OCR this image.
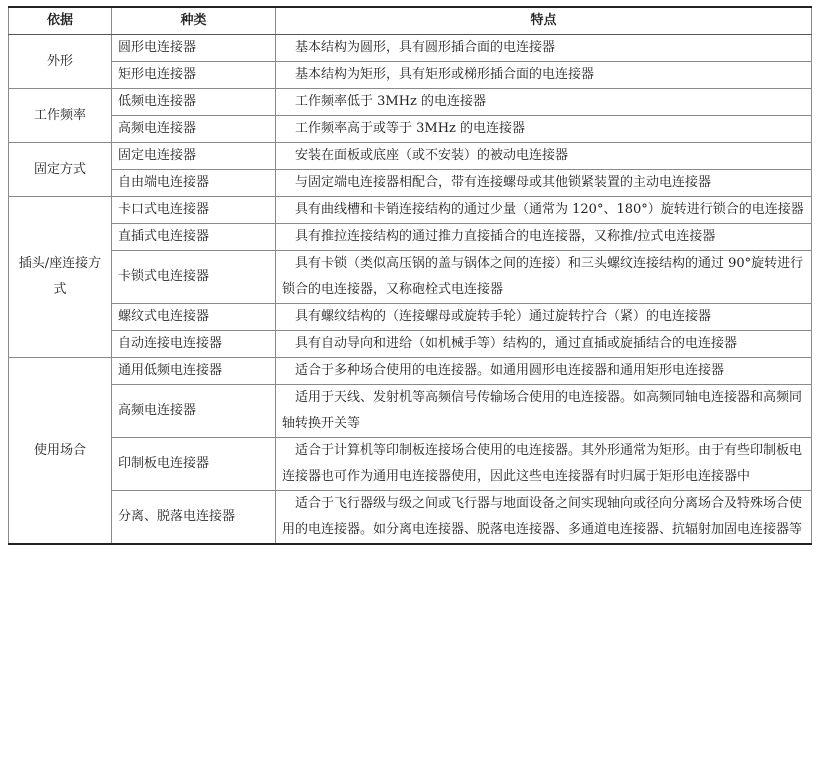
依据	种类	特点
外形	圆形电连接器	基本结构为圆形，具有圆形插合面的电连接器
	矩形电连接器	基本结构为矩形，具有矩形或梯形插合面的电连接器
工作频率	低频电连接器	工作频率低于 3MHz 的电连接器
	高频电连接器	工作频率高于或等于 3MHz 的电连接器
固定方式	固定电连接器	安装在面板或底座（或不安装）的被动电连接器
	自由端电连接器	与固定端电连接器相配合，带有连接螺母或其他锁紧装置的主动电连接器
插头/座连接方式	卡口式电连接器	具有曲线槽和卡销连接结构的通过少量（通常为 120°、180°）旋转进行锁合的电连接器
	直插式电连接器	具有推拉连接结构的通过推力直接插合的电连接器，又称推/拉式电连接器
	卡锁式电连接器	具有卡锁（类似高压锅的盖与锅体之间的连接）和三头螺纹连接结构的通过 90°旋转进行锁合的电连接器，又称砲栓式电连接器
	螺纹式电连接器	具有螺纹结构的（连接螺母或旋转手轮）通过旋转拧合（紧）的电连接器
	自动连接电连接器	具有自动导向和进给（如机械手等）结构的，通过直插或旋插结合的电连接器
使用场合	通用低频电连接器	适合于多种场合使用的电连接器。如通用圆形电连接器和通用矩形电连接器
	高频电连接器	适用于天线、发射机等高频信号传输场合使用的电连接器。如高频同轴电连接器和高频同轴转换开关等
	印制板电连接器	适合于计算机等印制板连接场合使用的电连接器。其外形通常为矩形。由于有些印制板电连接器也可作为通用电连接器使用，因此这些电连接器有时归属于矩形电连接器中
	分离、脱落电连接器	适合于飞行器级与级之间或飞行器与地面设备之间实现轴向或径向分离场合及特殊场合使用的电连接器。如分离电连接器、脱落电连接器、多通道电连接器、抗辐射加固电连接器等
